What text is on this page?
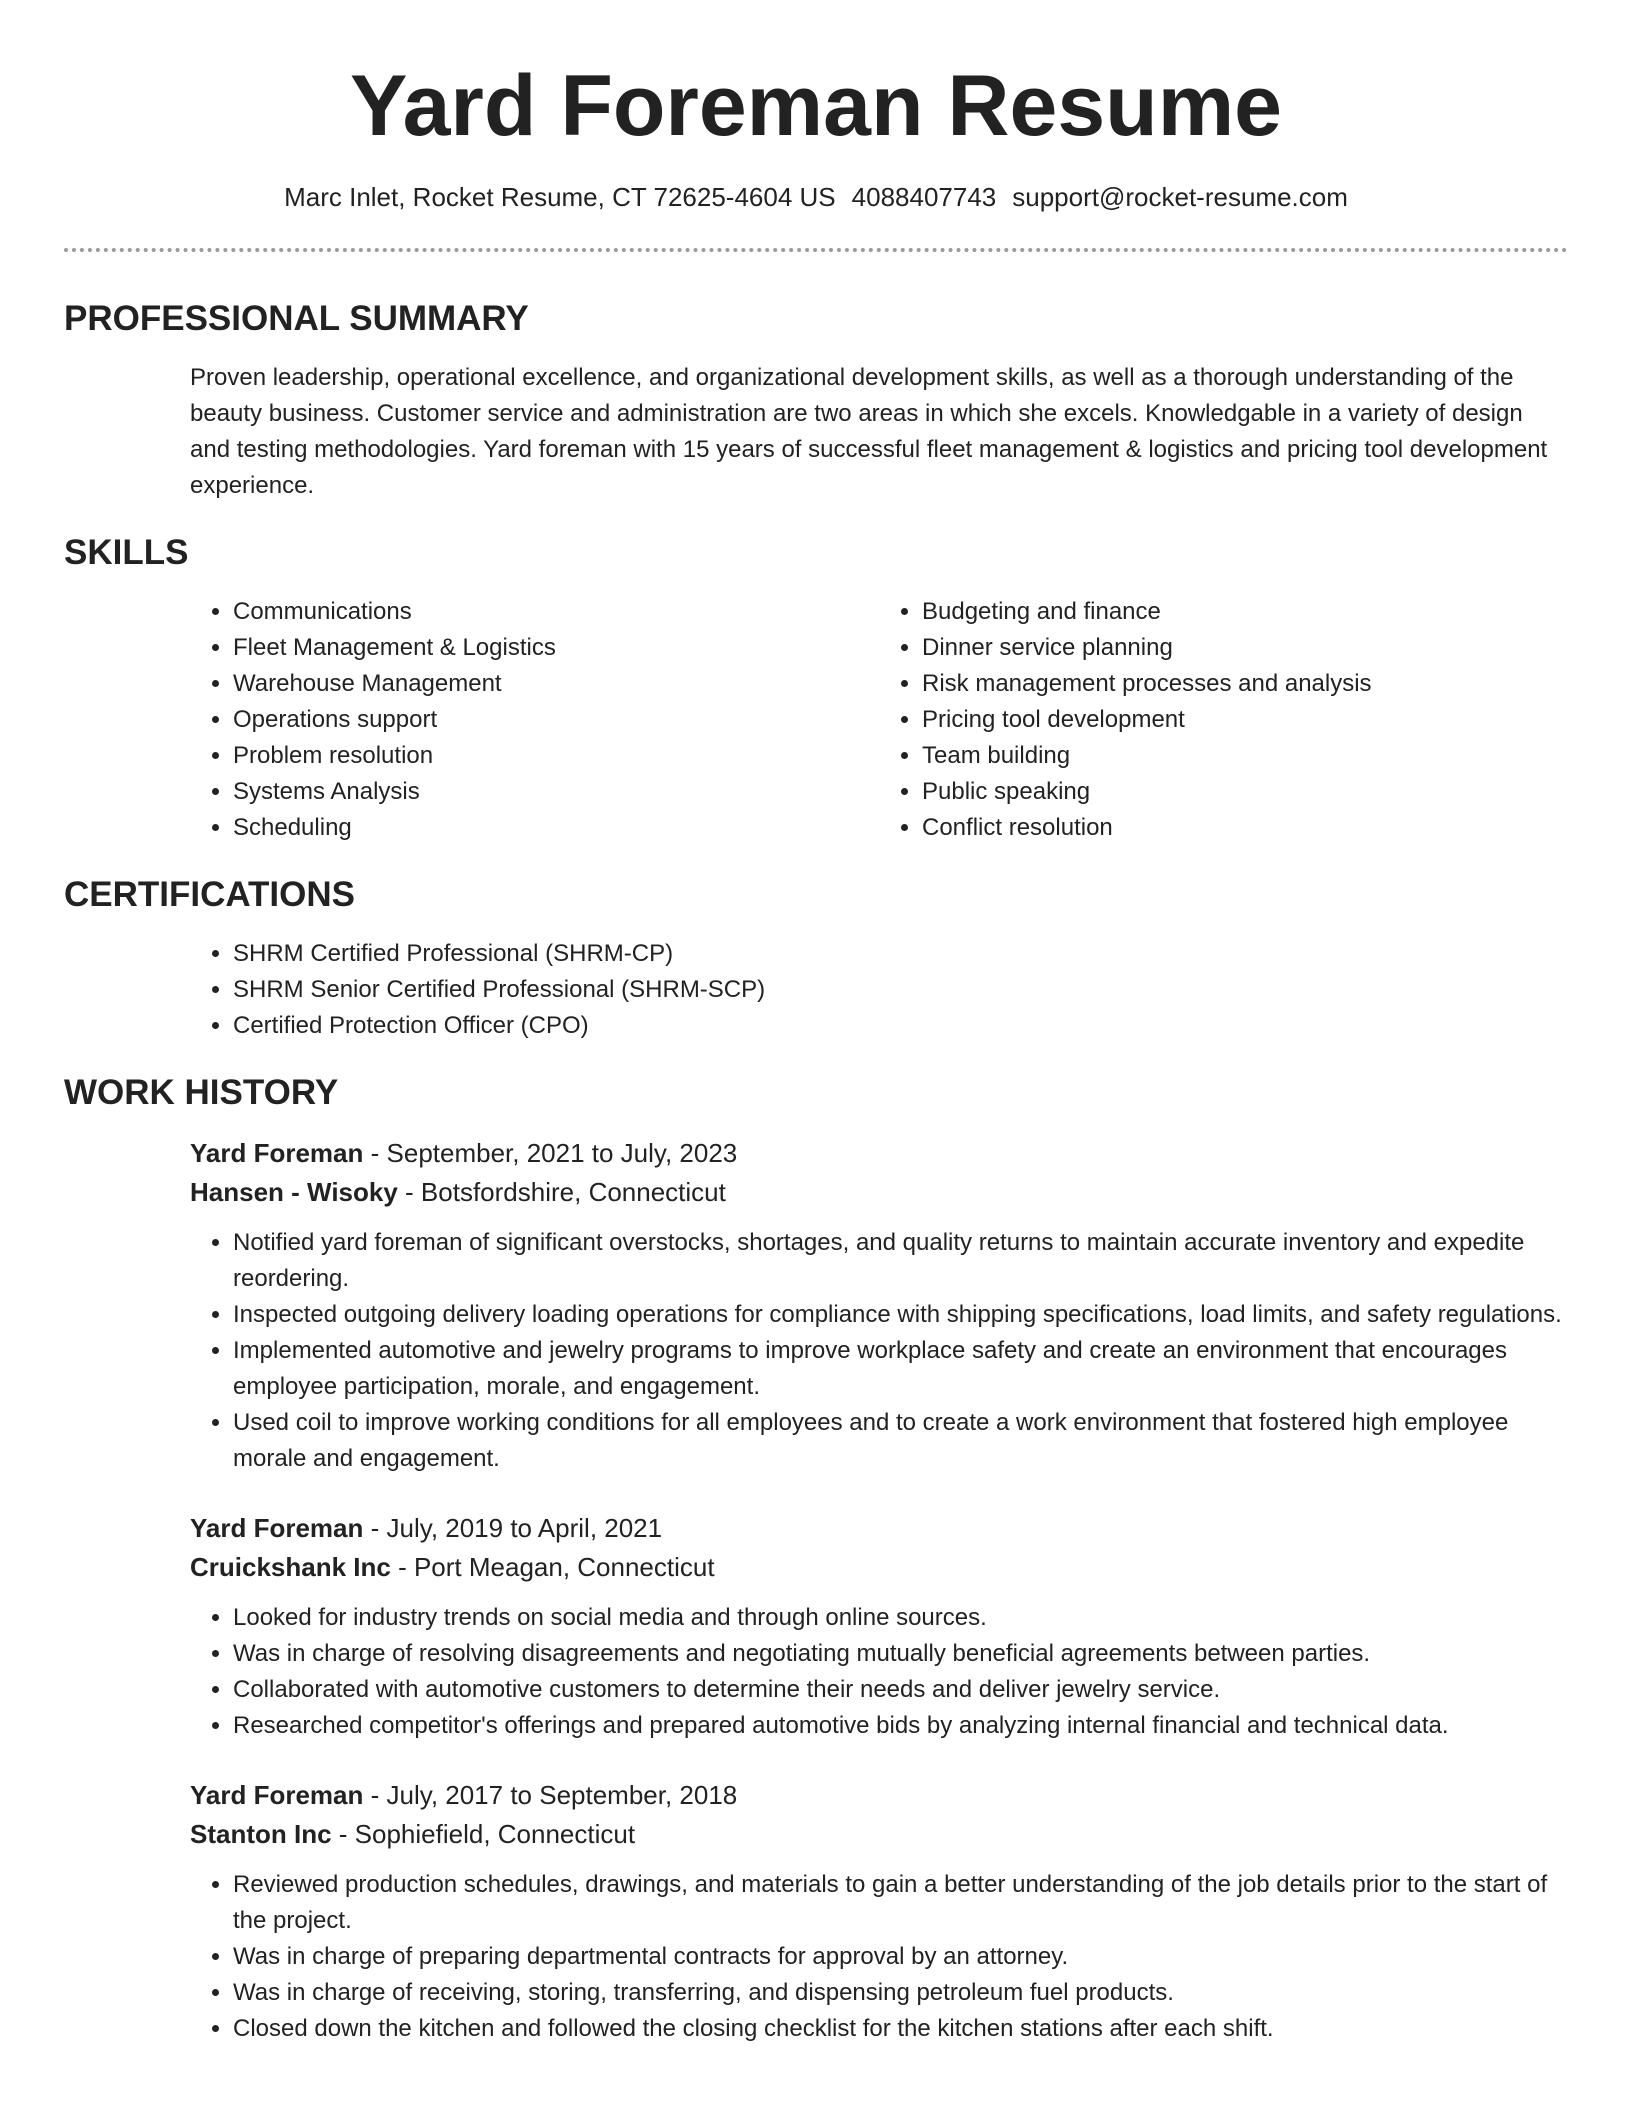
Yard Foreman Resume
Marc Inlet, Rocket Resume, CT 72625-4604 US 4088407743 support@rocket-resume.com
PROFESSIONAL SUMMARY

Proven leadership, operational excellence, and organizational development skills, as well as a thorough understanding of the beauty business. Customer service and administration are two areas in which she excels. Knowledgable in a variety of design and testing methodologies. Yard foreman with 15 years of successful fleet management & logistics and pricing tool development experience.

SKILLS
• Communications
• Fleet Management & Logistics
• Warehouse Management
• Operations support
• Problem resolution
• Systems Analysis
• Scheduling
• Budgeting and finance
• Dinner service planning
• Risk management processes and analysis
• Pricing tool development
• Team building
• Public speaking
• Conflict resolution
CERTIFICATIONS
• SHRM Certified Professional (SHRM-CP)
• SHRM Senior Certified Professional (SHRM-SCP)
• Certified Protection Officer (CPO)
WORK HISTORY
Yard Foreman - September, 2021 to July, 2023
Hansen - Wisoky - Botsfordshire, Connecticut
• Notified yard foreman of significant overstocks, shortages, and quality returns to maintain accurate inventory and expedite reordering.
• Inspected outgoing delivery loading operations for compliance with shipping specifications, load limits, and safety regulations.
• Implemented automotive and jewelry programs to improve workplace safety and create an environment that encourages employee participation, morale, and engagement.
• Used coil to improve working conditions for all employees and to create a work environment that fostered high employee morale and engagement.
Yard Foreman - July, 2019 to April, 2021
Cruickshank Inc - Port Meagan, Connecticut
• Looked for industry trends on social media and through online sources.
• Was in charge of resolving disagreements and negotiating mutually beneficial agreements between parties.
• Collaborated with automotive customers to determine their needs and deliver jewelry service.
• Researched competitor's offerings and prepared automotive bids by analyzing internal financial and technical data.
Yard Foreman - July, 2017 to September, 2018
Stanton Inc - Sophiefield, Connecticut
• Reviewed production schedules, drawings, and materials to gain a better understanding of the job details prior to the start of the project.
• Was in charge of preparing departmental contracts for approval by an attorney.
• Was in charge of receiving, storing, transferring, and dispensing petroleum fuel products.
• Closed down the kitchen and followed the closing checklist for the kitchen stations after each shift.
